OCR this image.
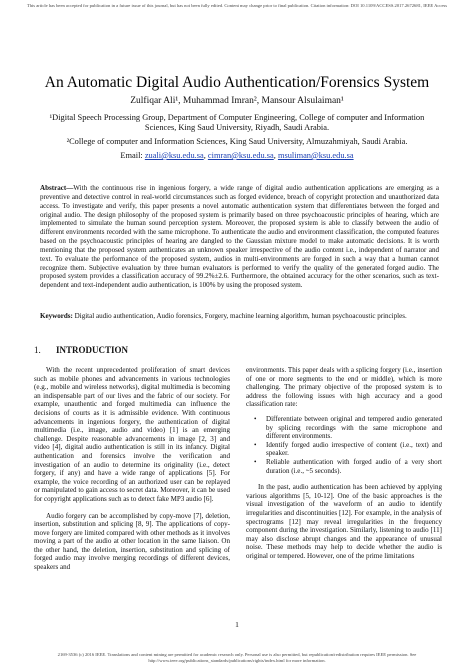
This article has been accepted for publication in a future issue of this journal, but has not been fully edited. Content may change prior to final publication. Citation information: DOI 10.1109/ACCESS.2017.2672681, IEEE Access
An Automatic Digital Audio Authentication/Forensics System
Zulfiqar Ali¹, Muhammad Imran², Mansour Alsulaiman¹
¹Digital Speech Processing Group, Department of Computer Engineering, College of computer and Information Sciences, King Saud University, Riyadh, Saudi Arabia.
²College of computer and Information Sciences, King Saud University, Almuzahmiyah, Saudi Arabia.
Email: zuali@ksu.edu.sa, cimran@ksu.edu.sa, msuliman@ksu.edu.sa
Abstract—With the continuous rise in ingenious forgery, a wide range of digital audio authentication applications are emerging as a preventive and detective control in real-world circumstances such as forged evidence, breach of copyright protection and unauthorized data access. To investigate and verify, this paper presents a novel automatic authentication system that differentiates between the forged and original audio. The design philosophy of the proposed system is primarily based on three psychoacoustic principles of hearing, which are implemented to simulate the human sound perception system. Moreover, the proposed system is able to classify between the audio of different environments recorded with the same microphone. To authenticate the audio and environment classification, the computed features based on the psychoacoustic principles of hearing are dangled to the Gaussian mixture model to make automatic decisions. It is worth mentioning that the proposed system authenticates an unknown speaker irrespective of the audio content i.e., independent of narrator and text. To evaluate the performance of the proposed system, audios in multi-environments are forged in such a way that a human cannot recognize them. Subjective evaluation by three human evaluators is performed to verify the quality of the generated forged audio. The proposed system provides a classification accuracy of 99.2%±2.6. Furthermore, the obtained accuracy for the other scenarios, such as text-dependent and text-independent audio authentication, is 100% by using the proposed system.
Keywords: Digital audio authentication, Audio forensics, Forgery, machine learning algorithm, human psychoacoustic principles.
1. INTRODUCTION

With the recent unprecedented proliferation of smart devices such as mobile phones and advancements in various technologies (e.g., mobile and wireless networks), digital multimedia is becoming an indispensable part of our lives and the fabric of our society. For example, unauthentic and forged multimedia can influence the decisions of courts as it is admissible evidence. With continuous advancements in ingenious forgery, the authentication of digital multimedia (i.e., image, audio and video) [1] is an emerging challenge. Despite reasonable advancements in image [2, 3] and video [4], digital audio authentication is still in its infancy. Digital authentication and forensics involve the verification and investigation of an audio to determine its originality (i.e., detect forgery, if any) and have a wide range of applications [5]. For example, the voice recording of an authorized user can be replayed or manipulated to gain access to secret data. Moreover, it can be used for copyright applications such as to detect fake MP3 audio [6].

Audio forgery can be accomplished by copy-move [7], deletion, insertion, substitution and splicing [8, 9]. The applications of copy-move forgery are limited compared with other methods as it involves moving a part of the audio at other location in the same liaison. On the other hand, the deletion, insertion, substitution and splicing of forged audio may involve merging recordings of different devices, speakers and

environments. This paper deals with a splicing forgery (i.e., insertion of one or more segments to the end or middle), which is more challenging. The primary objective of the proposed system is to address the following issues with high accuracy and a good classification rate:

• Differentiate between original and tempered audio generated by splicing recordings with the same microphone and different environments.
• Identify forged audio irrespective of content (i.e., text) and speaker.
• Reliable authentication with forged audio of a very short duration (i.e., ~5 seconds).

In the past, audio authentication has been achieved by applying various algorithms [5, 10-12]. One of the basic approaches is the visual investigation of the waveform of an audio to identify irregularities and discontinuities [12]. For example, in the analysis of spectrograms [12] may reveal irregularities in the frequency component during the investigation. Similarly, listening to audio [11] may also disclose abrupt changes and the appearance of unusual noise. These methods may help to decide whether the audio is original or tempered. However, one of the prime limitations

1
2169-3536 (c) 2016 IEEE. Translations and content mining are permitted for academic research only. Personal use is also permitted, but republication/redistribution requires IEEE permission. See http://www.ieee.org/publications_standards/publications/rights/index.html for more information.
